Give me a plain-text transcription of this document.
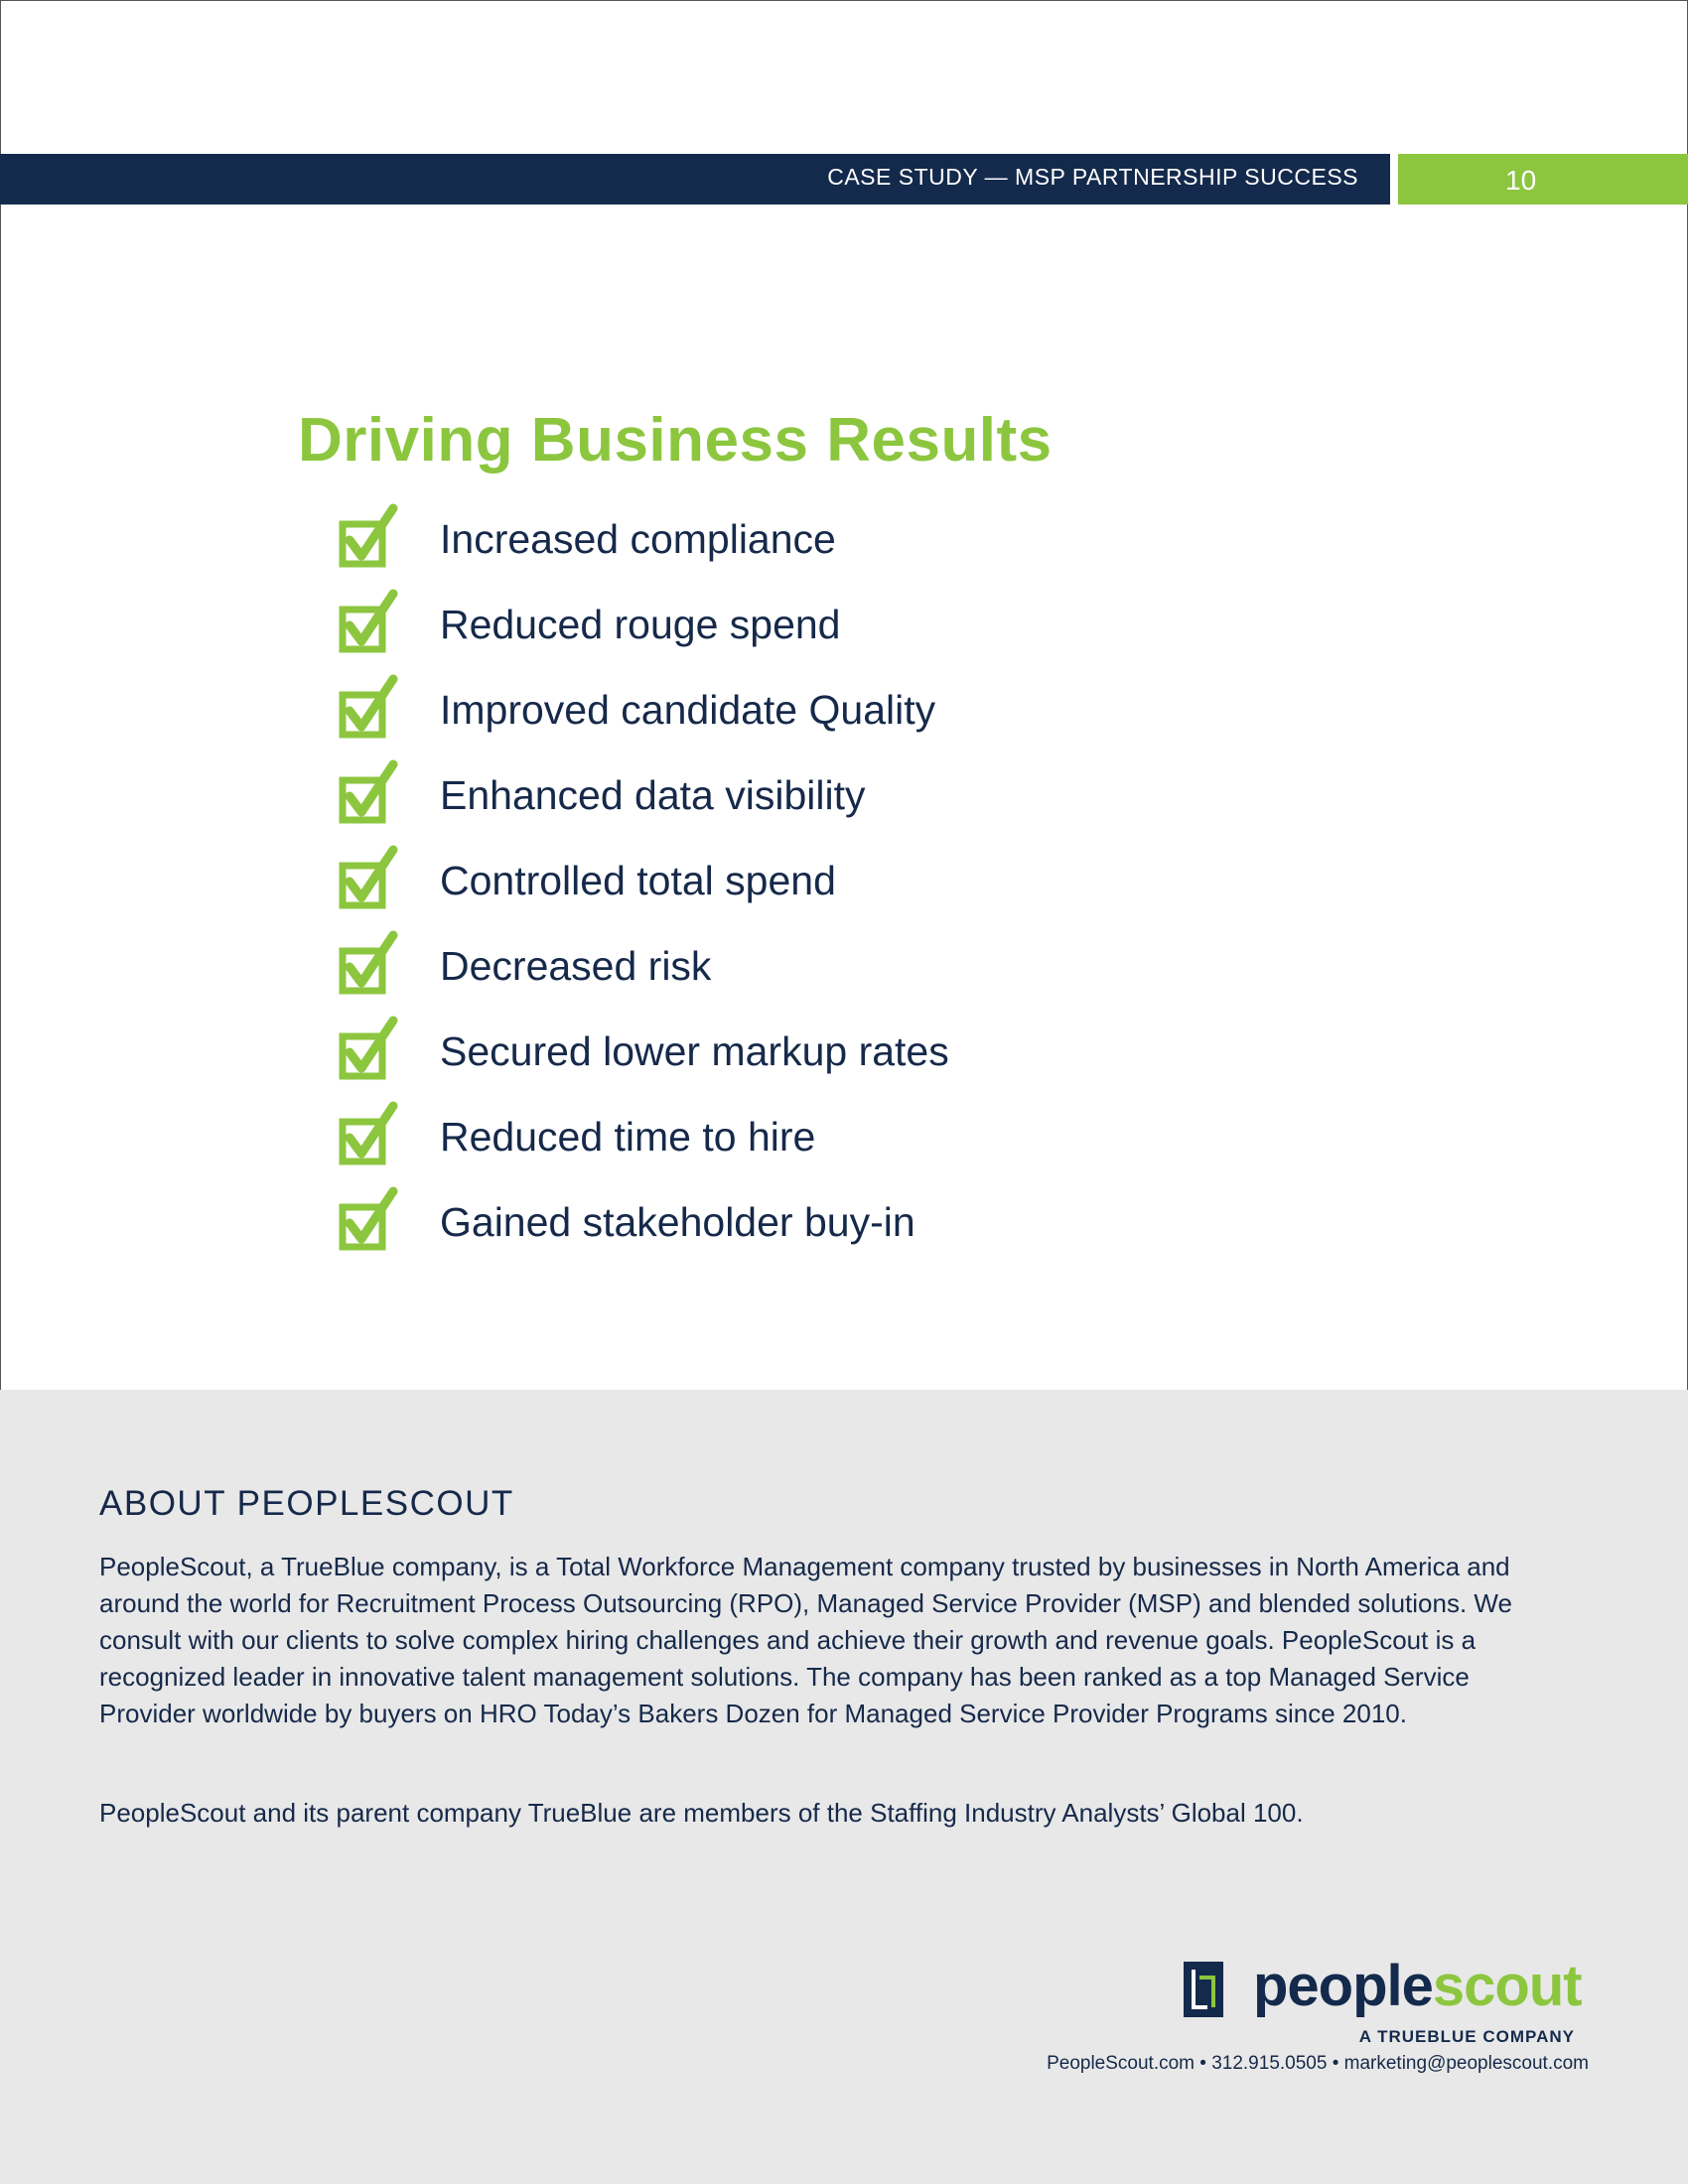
CASE STUDY — MSP PARTNERSHIP SUCCESS	10
Driving Business Results
Increased compliance
Reduced rouge spend
Improved candidate Quality
Enhanced data visibility
Controlled total spend
Decreased risk
Secured lower markup rates
Reduced time to hire
Gained stakeholder buy-in
ABOUT PEOPLESCOUT

PeopleScout, a TrueBlue company, is a Total Workforce Management company trusted by businesses in North America and around the world for Recruitment Process Outsourcing (RPO), Managed Service Provider (MSP) and blended solutions. We consult with our clients to solve complex hiring challenges and achieve their growth and revenue goals. PeopleScout is a recognized leader in innovative talent management solutions. The company has been ranked as a top Managed Service Provider worldwide by buyers on HRO Today’s Bakers Dozen for Managed Service Provider Programs since 2010.

PeopleScout and its parent company TrueBlue are members of the Staffing Industry Analysts’ Global 100.

peoplescout
A TRUEBLUE COMPANY
PeopleScout.com • 312.915.0505 • marketing@peoplescout.com
